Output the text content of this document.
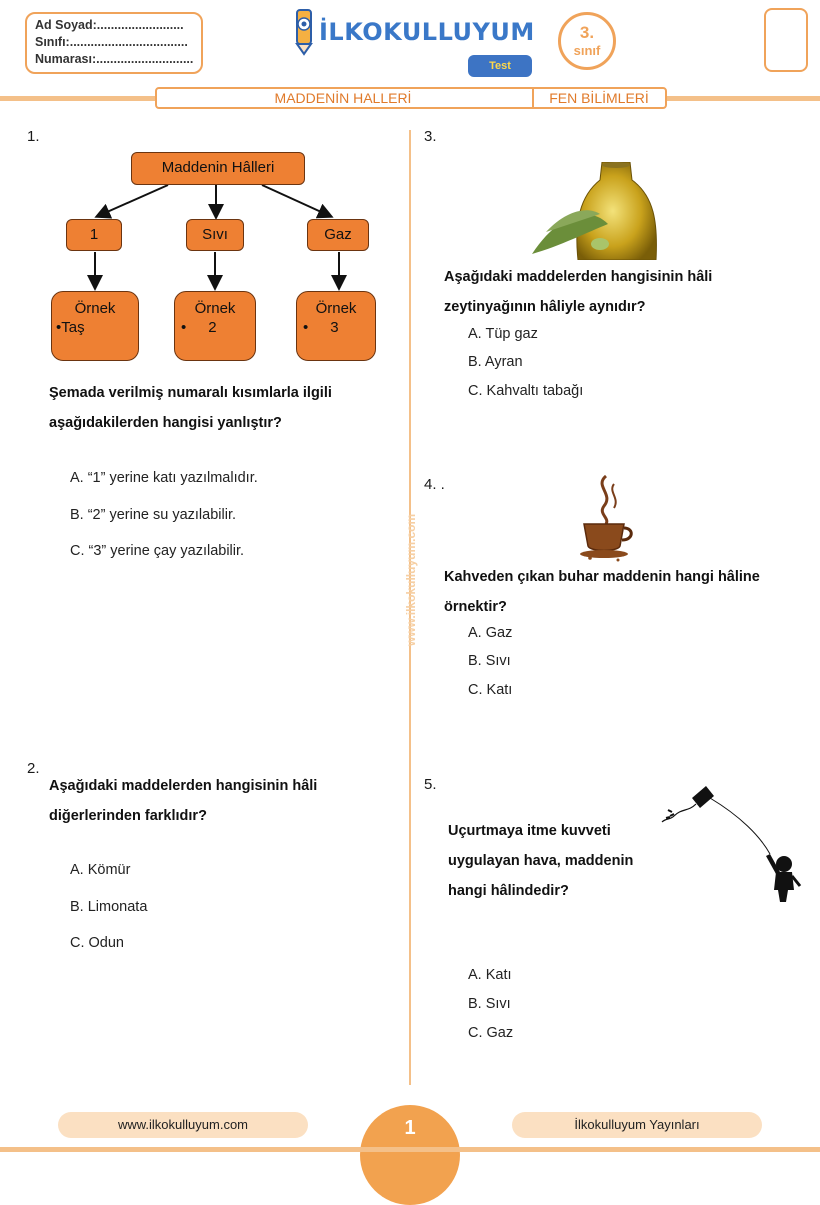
Ad Soyad:.........................
Sınıfı:..................................
Numarası:............................
İLKOKULLUYUM
Test
3.
sınıf
MADDENİN HALLERİ	FEN BİLİMLERİ
www.ilkokulluyum.com
1.
Maddenin Hâlleri
1	Sıvı	Gaz
Örnek
•Taş
Örnek
• 2
Örnek
• 3
Şemada verilmiş numaralı kısımlarla ilgili
aşağıdakilerden hangisi yanlıştır?
A. “1” yerine katı yazılmalıdır.
B. “2” yerine su yazılabilir.
C. “3” yerine çay yazılabilir.
2.
Aşağıdaki maddelerden hangisinin hâli
diğerlerinden farklıdır?
A. Kömür
B. Limonata
C. Odun
3.
Aşağıdaki maddelerden hangisinin hâli
zeytinyağının hâliyle aynıdır?
A. Tüp gaz
B. Ayran
C. Kahvaltı tabağı
4. .
Kahveden çıkan buhar maddenin hangi hâline
örnektir?
A. Gaz
B. Sıvı
C. Katı
5.
Uçurtmaya itme kuvveti
uygulayan hava, maddenin
hangi hâlindedir?
A. Katı
B. Sıvı
C. Gaz
www.ilkokulluyum.com	İlkokulluyum Yayınları
1
